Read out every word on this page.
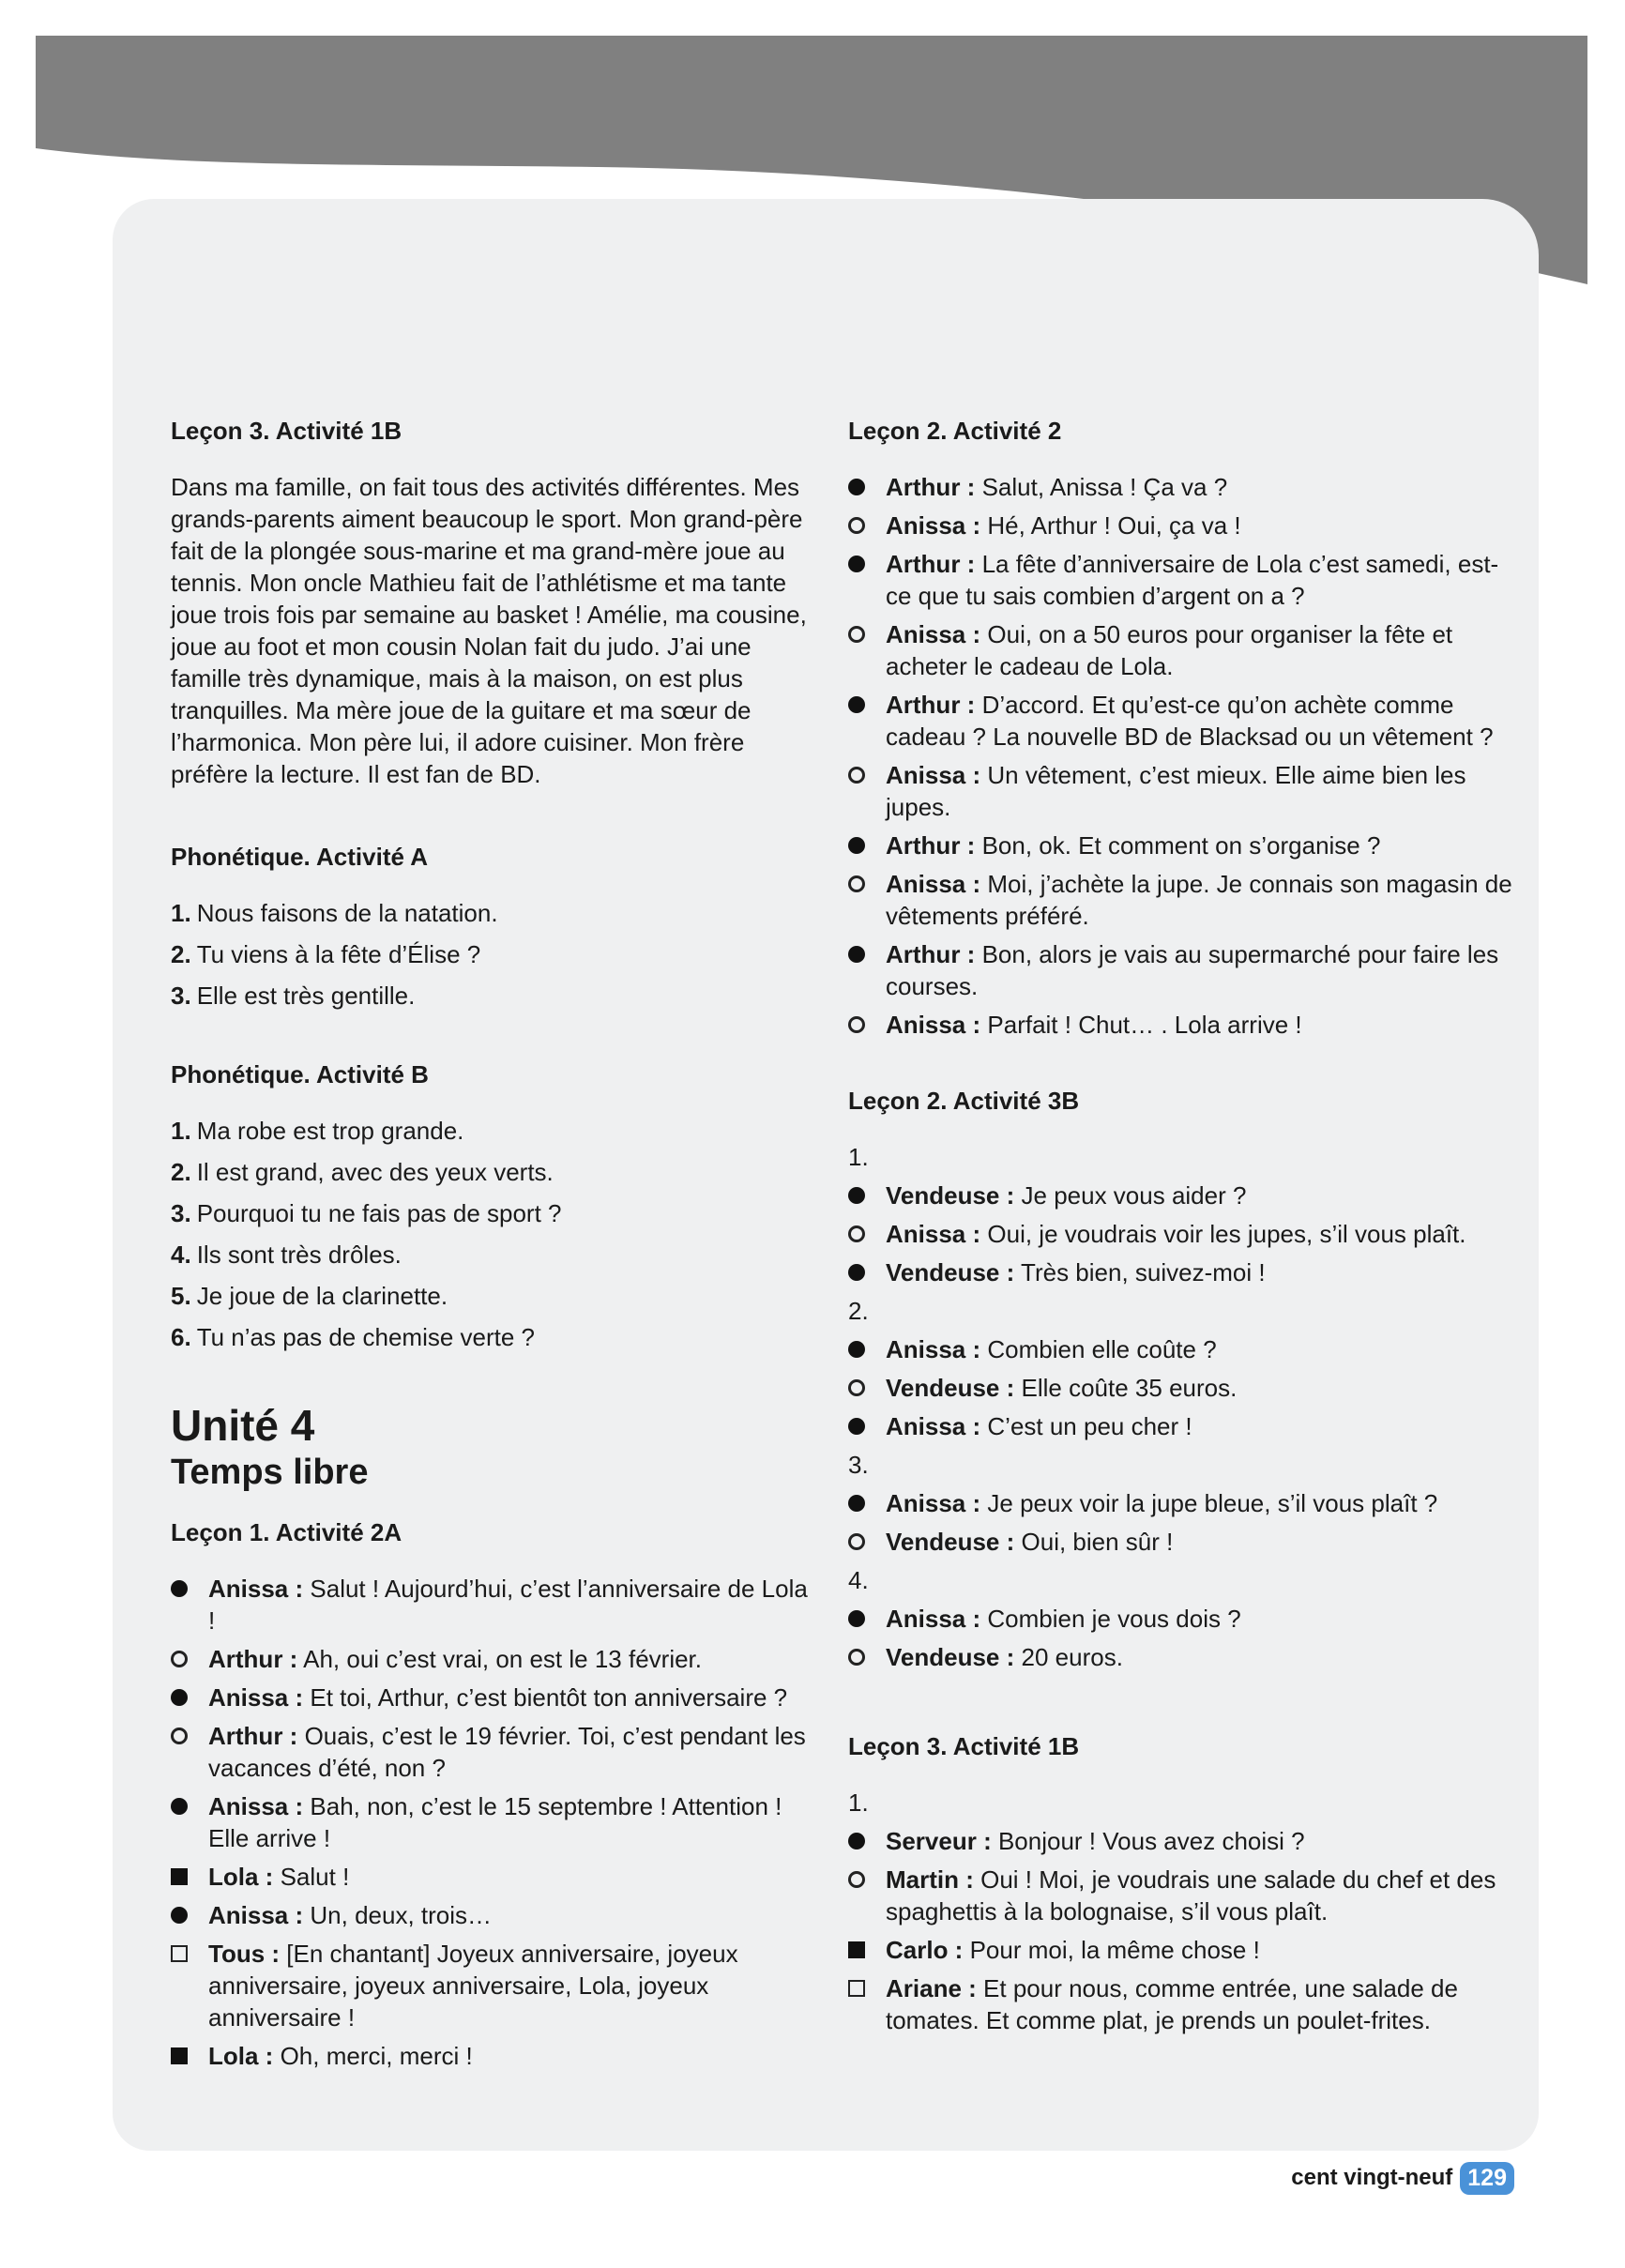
Leçon 3. Activité 1B

Dans ma famille, on fait tous des activités différentes. Mes grands-parents aiment beaucoup le sport. Mon grand-père fait de la plongée sous-marine et ma grand-mère joue au tennis. Mon oncle Mathieu fait de l’athlétisme et ma tante joue trois fois par semaine au basket ! Amélie, ma cousine, joue au foot et mon cousin Nolan fait du judo. J’ai une famille très dynamique, mais à la maison, on est plus tranquilles. Ma mère joue de la guitare et ma sœur de l’harmonica. Mon père lui, il adore cuisiner. Mon frère préfère la lecture. Il est fan de BD.

Phonétique. Activité A
1. Nous faisons de la natation.
2. Tu viens à la fête d’Élise ?
3. Elle est très gentille.
Phonétique. Activité B
1. Ma robe est trop grande.
2. Il est grand, avec des yeux verts.
3. Pourquoi tu ne fais pas de sport ?
4. Ils sont très drôles.
5. Je joue de la clarinette.
6. Tu n’as pas de chemise verte ?
Unité 4
Temps libre
Leçon 1. Activité 2A
Anissa : Salut ! Aujourd’hui, c’est l’anniversaire de Lola !
Arthur : Ah, oui c’est vrai, on est le 13 février.
Anissa : Et toi, Arthur, c’est bientôt ton anniversaire ?
Arthur : Ouais, c’est le 19 février. Toi, c’est pendant les vacances d’été, non ?
Anissa : Bah, non, c’est le 15 septembre ! Attention ! Elle arrive !
Lola : Salut !
Anissa : Un, deux, trois…
Tous : [En chantant] Joyeux anniversaire, joyeux anniversaire, joyeux anniversaire, Lola, joyeux anniversaire !
Lola : Oh, merci, merci !
Leçon 2. Activité 2
Arthur : Salut, Anissa ! Ça va ?
Anissa : Hé, Arthur ! Oui, ça va !
Arthur : La fête d’anniversaire de Lola c’est samedi, est-ce que tu sais combien d’argent on a ?
Anissa : Oui, on a 50 euros pour organiser la fête et acheter le cadeau de Lola.
Arthur : D’accord. Et qu’est-ce qu’on achète comme cadeau ? La nouvelle BD de Blacksad ou un vêtement ?
Anissa : Un vêtement, c’est mieux. Elle aime bien les jupes.
Arthur : Bon, ok. Et comment on s’organise ?
Anissa : Moi, j’achète la jupe. Je connais son magasin de vêtements préféré.
Arthur : Bon, alors je vais au supermarché pour faire les courses.
Anissa : Parfait ! Chut… . Lola arrive !
Leçon 2. Activité 3B
1.
Vendeuse : Je peux vous aider ?
Anissa : Oui, je voudrais voir les jupes, s’il vous plaît.
Vendeuse : Très bien, suivez-moi !
2.
Anissa : Combien elle coûte ?
Vendeuse : Elle coûte 35 euros.
Anissa : C’est un peu cher !
3.
Anissa : Je peux voir la jupe bleue, s’il vous plaît ?
Vendeuse : Oui, bien sûr !
4.
Anissa : Combien je vous dois ?
Vendeuse : 20 euros.
Leçon 3. Activité 1B
1.
Serveur : Bonjour ! Vous avez choisi ?
Martin : Oui ! Moi, je voudrais une salade du chef et des spaghettis à la bolognaise, s’il vous plaît.
Carlo : Pour moi, la même chose !
Ariane : Et pour nous, comme entrée, une salade de tomates. Et comme plat, je prends un poulet-frites.
cent vingt-neuf 129
